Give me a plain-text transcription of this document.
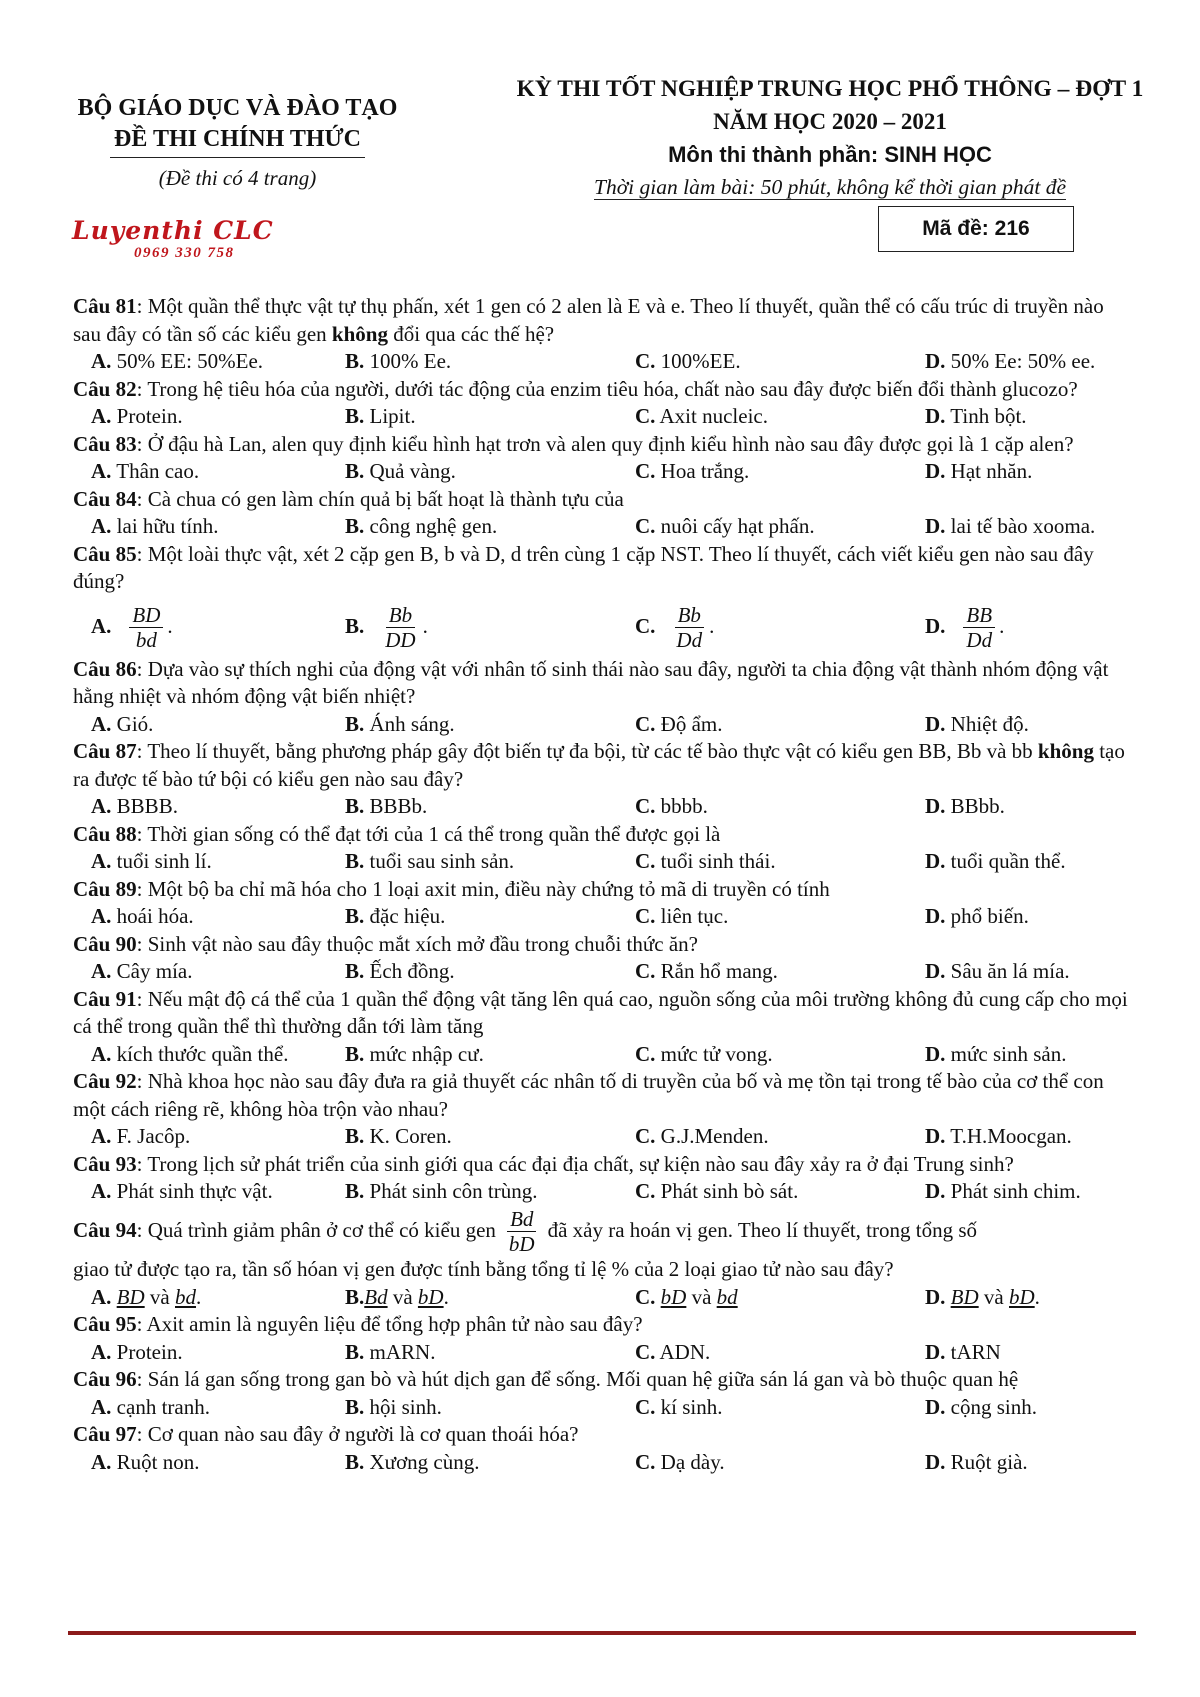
BỘ GIÁO DỤC VÀ ĐÀO TẠO
ĐỀ THI CHÍNH THỨC
(Đề thi có 4 trang)
KỲ THI TỐT NGHIỆP TRUNG HỌC PHỔ THÔNG – ĐỢT 1
NĂM HỌC 2020 – 2021
Môn thi thành phần: SINH HỌC
Thời gian làm bài: 50 phút, không kể thời gian phát đề
Luyenthi CLC
0969 330 758
Mã đề: 216

Câu 81: Một quần thể thực vật tự thụ phấn, xét 1 gen có 2 alen là E và e. Theo lí thuyết, quần thể có cấu trúc di truyền nào sau đây có tần số các kiểu gen không đổi qua các thế hệ?

A. 50% EE: 50%Ee.	B. 100% Ee.	C. 100%EE.	D. 50% Ee: 50% ee.

Câu 82: Trong hệ tiêu hóa của người, dưới tác động của enzim tiêu hóa, chất nào sau đây được biến đổi thành glucozo?

A. Protein.	B. Lipit.	C. Axit nucleic.	D. Tinh bột.

Câu 83: Ở đậu hà Lan, alen quy định kiểu hình hạt trơn và alen quy định kiểu hình nào sau đây được gọi là 1 cặp alen?

A. Thân cao.	B. Quả vàng.	C. Hoa trắng.	D. Hạt nhăn.

Câu 84: Cà chua có gen làm chín quả bị bất hoạt là thành tựu của

A. lai hữu tính.	B. công nghệ gen.	C. nuôi cấy hạt phấn.	D. lai tế bào xooma.

Câu 85: Một loài thực vật, xét 2 cặp gen B, b và D, d trên cùng 1 cặp NST. Theo lí thuyết, cách viết kiểu gen nào sau đây đúng?

A. $\frac{BD}{bd}$ .	B. $\frac{Bb}{DD}$ .	C. $\frac{Bb}{Dd}$ .	D. $\frac{BB}{Dd}$ .

Câu 86: Dựa vào sự thích nghi của động vật với nhân tố sinh thái nào sau đây, người ta chia động vật thành nhóm động vật hằng nhiệt và nhóm động vật biến nhiệt?

A. Gió.	B. Ánh sáng.	C. Độ ẩm.	D. Nhiệt độ.

Câu 87: Theo lí thuyết, bằng phương pháp gây đột biến tự đa bội, từ các tế bào thực vật có kiểu gen BB, Bb và bb không tạo ra được tế bào tứ bội có kiểu gen nào sau đây?

A. BBBB.	B. BBBb.	C. bbbb.	D. BBbb.

Câu 88: Thời gian sống có thể đạt tới của 1 cá thể trong quần thể được gọi là

A. tuổi sinh lí.	B. tuổi sau sinh sản.	C. tuổi sinh thái.	D. tuổi quần thể.

Câu 89: Một bộ ba chỉ mã hóa cho 1 loại axit min, điều này chứng tỏ mã di truyền có tính

A. hoái hóa.	B. đặc hiệu.	C. liên tục.	D. phổ biến.

Câu 90: Sinh vật nào sau đây thuộc mắt xích mở đầu trong chuỗi thức ăn?

A. Cây mía.	B. Ếch đồng.	C. Rắn hổ mang.	D. Sâu ăn lá mía.

Câu 91: Nếu mật độ cá thể của 1 quần thể động vật tăng lên quá cao, nguồn sống của môi trường không đủ cung cấp cho mọi cá thể trong quần thể thì thường dẫn tới làm tăng

A. kích thước quần thể.	B. mức nhập cư.	C. mức tử vong.	D. mức sinh sản.

Câu 92: Nhà khoa học nào sau đây đưa ra giả thuyết các nhân tố di truyền của bố và mẹ tồn tại trong tế bào của cơ thể con một cách riêng rẽ, không hòa trộn vào nhau?

A. F. Jacôp.	B. K. Coren.	C. G.J.Menden.	D. T.H.Moocgan.

Câu 93: Trong lịch sử phát triển của sinh giới qua các đại địa chất, sự kiện nào sau đây xảy ra ở đại Trung sinh?

A. Phát sinh thực vật.	B. Phát sinh côn trùng.	C. Phát sinh bò sát.	D. Phát sinh chim.

Câu 94: Quá trình giảm phân ở cơ thể có kiểu gen $\frac{Bd}{bD}$ đã xảy ra hoán vị gen. Theo lí thuyết, trong tổng số

giao tử được tạo ra, tần số hóan vị gen được tính bằng tổng tỉ lệ % của 2 loại giao tử nào sau đây?

A. BD và bd.	B.Bd và bD.	C. bD và bd	D. BD và bD.

Câu 95: Axit amin là nguyên liệu để tổng hợp phân tử nào sau đây?

A. Protein.	B. mARN.	C. ADN.	D. tARN

Câu 96: Sán lá gan sống trong gan bò và hút dịch gan để sống. Mối quan hệ giữa sán lá gan và bò thuộc quan hệ

A. cạnh tranh.	B. hội sinh.	C. kí sinh.	D. cộng sinh.

Câu 97: Cơ quan nào sau đây ở người là cơ quan thoái hóa?

A. Ruột non.	B. Xương cùng.	C. Dạ dày.	D. Ruột già.
